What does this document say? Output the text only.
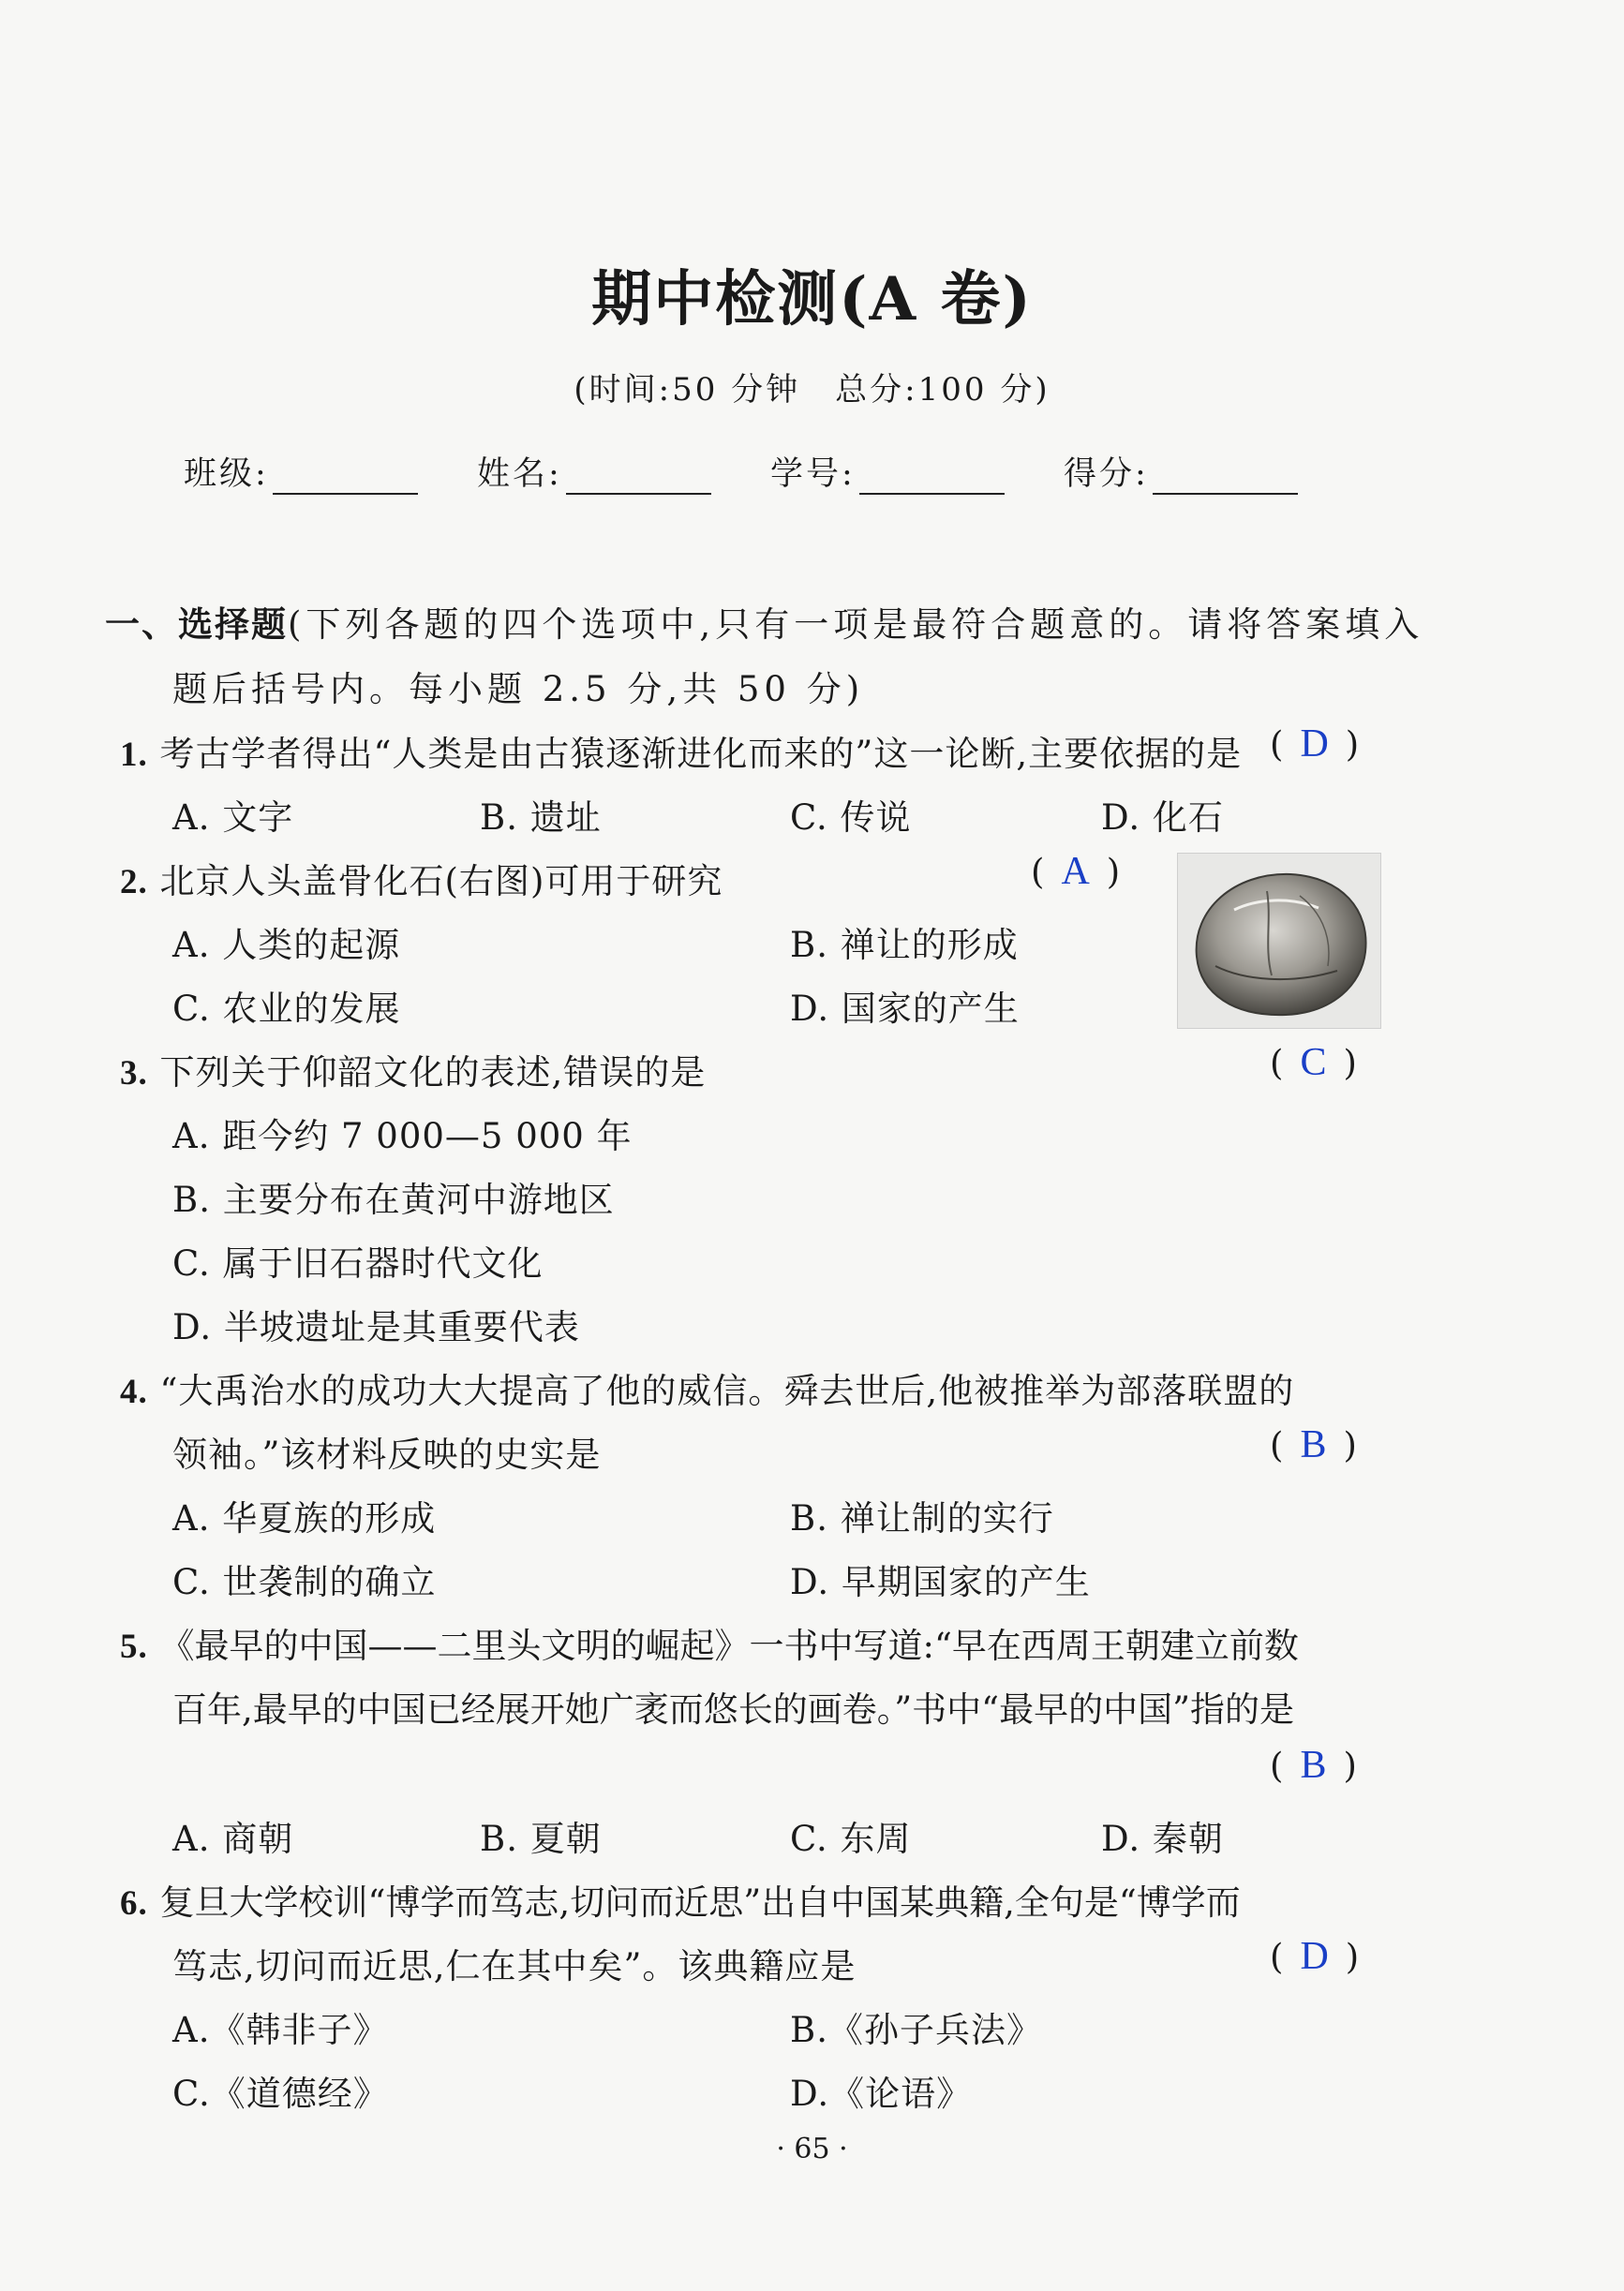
期中检测(A 卷)
(时间:50 分钟　总分:100 分)
班级:	姓名:	学号:	得分:
一、选择题(下列各题的四个选项中,只有一项是最符合题意的。请将答案填入
题后括号内。每小题 2.5 分,共 50 分)
1. 考古学者得出“人类是由古猿逐渐进化而来的”这一论断,主要依据的是 ( D )
A. 文字	B. 遗址	C. 传说	D. 化石
2. 北京人头盖骨化石(右图)可用于研究	( A )
A. 人类的起源	B. 禅让的形成
C. 农业的发展	D. 国家的产生
3. 下列关于仰韶文化的表述,错误的是	( C )
A. 距今约 7 000—5 000 年
B. 主要分布在黄河中游地区
C. 属于旧石器时代文化
D. 半坡遗址是其重要代表
4. “大禹治水的成功大大提高了他的威信。舜去世后,他被推举为部落联盟的
领袖。”该材料反映的史实是	( B )
A. 华夏族的形成	B. 禅让制的实行
C. 世袭制的确立	D. 早期国家的产生
5. 《最早的中国——二里头文明的崛起》一书中写道:“早在西周王朝建立前数
百年,最早的中国已经展开她广袤而悠长的画卷。”书中“最早的中国”指的是
( B )
A. 商朝	B. 夏朝	C. 东周	D. 秦朝
6. 复旦大学校训“博学而笃志,切问而近思”出自中国某典籍,全句是“博学而
笃志,切问而近思,仁在其中矣”。该典籍应是	( D )
A.《韩非子》	B.《孙子兵法》
C.《道德经》	D.《论语》
· 65 ·
